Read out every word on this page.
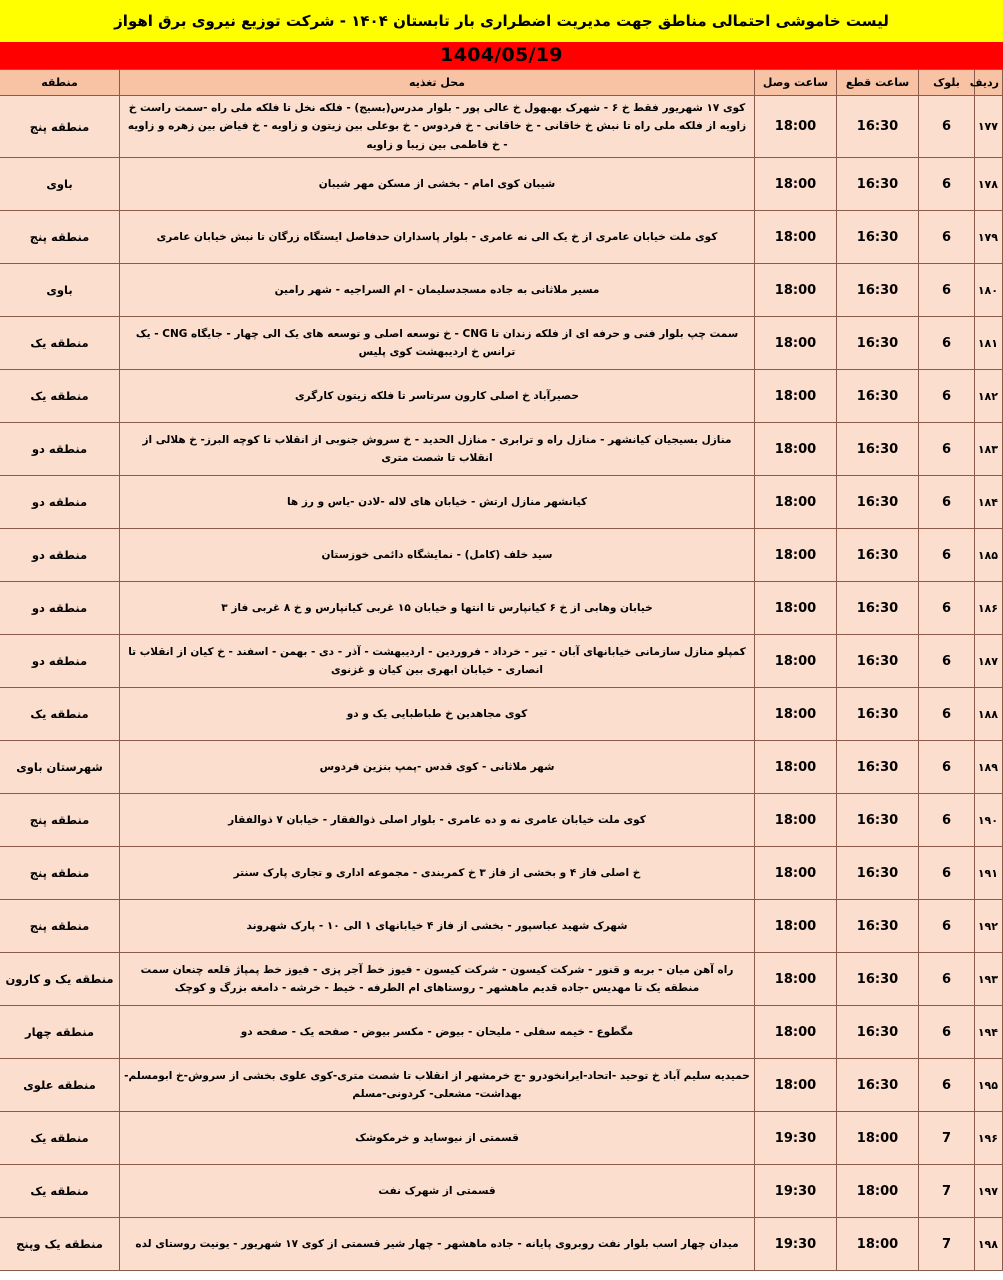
لیست خاموشی احتمالی مناطق جهت مدیریت اضطراری بار تابستان ۱۴۰۴ - شرکت توزیع نیروی برق اهواز
1404/05/19
ردیف	بلوک	ساعت قطع	ساعت وصل	محل تغذیه	منطقه
۱۷۷	6	16:30	18:00	کوی ۱۷ شهریور فقط خ ۶ - شهرک بهبهول خ عالی پور - بلوار مدرس(بسیج) - فلکه نخل تا فلکه ملی راه -سمت راست خ زاویه از فلکه ملی راه تا نبش خ خاقانی - خ خاقانی - خ فردوس - خ بوعلی بین زیتون و زاویه - خ فیاض بین زهره و زاویه - خ فاطمی بین زیبا و زاویه	منطقه پنج
۱۷۸	6	16:30	18:00	شیبان کوی امام - بخشی از مسکن مهر شیبان	باوی
۱۷۹	6	16:30	18:00	کوی ملت خیابان عامری از خ یک الی نه عامری - بلوار پاسداران حدفاصل ایستگاه زرگان تا نبش خیابان عامری	منطقه پنج
۱۸۰	6	16:30	18:00	مسیر ملاثانی به جاده مسجدسلیمان - ام السراجیه - شهر رامین	باوی
۱۸۱	6	16:30	18:00	سمت چپ بلوار فنی و حرفه ای از فلکه زندان تا CNG - خ توسعه اصلی و توسعه های یک الی چهار - جایگاه CNG - یک ترانس خ اردیبهشت کوی پلیس	منطقه یک
۱۸۲	6	16:30	18:00	حصیرآباد خ اصلی کارون سرتاسر تا فلکه زیتون کارگری	منطقه یک
۱۸۳	6	16:30	18:00	منازل بسیجیان کیانشهر - منازل راه و ترابری - منازل الحدید - خ سروش جنوبی از انقلاب تا کوچه البرز- خ هلالی از انقلاب تا شصت متری	منطقه دو
۱۸۴	6	16:30	18:00	کیانشهر منازل ارتش - خیابان های لاله -لادن -یاس و رز ها	منطقه دو
۱۸۵	6	16:30	18:00	سید خلف (کامل) - نمایشگاه دائمی خوزستان	منطقه دو
۱۸۶	6	16:30	18:00	خیابان وهابی از خ ۶ کیانپارس تا انتها و خیابان ۱۵ غربی کیانپارس و خ ۸ غربی فاز ۳	منطقه دو
۱۸۷	6	16:30	18:00	کمپلو منازل سازمانی خیابانهای آبان - تیر - خرداد - فروردین - اردیبهشت - آذر - دی - بهمن - اسفند - خ کیان از انقلاب تا انصاری - خیابان ابهری بین کیان و غزنوی	منطقه دو
۱۸۸	6	16:30	18:00	کوی مجاهدین خ طباطبایی یک و دو	منطقه یک
۱۸۹	6	16:30	18:00	شهر ملاثانی - کوی قدس -پمپ بنزین فردوس	شهرستان باوی
۱۹۰	6	16:30	18:00	کوی ملت خیابان عامری نه و ده عامری - بلوار اصلی ذوالفقار - خیابان ۷ ذوالفقار	منطقه پنج
۱۹۱	6	16:30	18:00	خ اصلی فاز ۴ و بخشی از فاز ۳ خ کمربندی - مجموعه اداری و تجاری پارک سنتر	منطقه پنج
۱۹۲	6	16:30	18:00	شهرک شهید عباسپور - بخشی از فاز ۴ خیابانهای ۱ الی ۱۰ - پارک شهروند	منطقه پنج
۱۹۳	6	16:30	18:00	راه آهن میان - بربه و قنور - شرکت کیسون - شرکت کیسون - فیوز خط آجر پزی - فیوز خط پمپاژ قلعه چنعان سمت منطقه یک تا مهدیس -جاده قدیم ماهشهر - روستاهای ام الطرفه - خیط - خرشه - دامغه بزرگ و کوچک	منطقه یک و کارون
۱۹۴	6	16:30	18:00	مگطوع - خیمه سفلی - ملیحان - بیوض - مکسر بیوض - صفحه یک - صفحه دو	منطقه چهار
۱۹۵	6	16:30	18:00	حمیدیه سلیم آباد خ توحید -اتحاد-ایرانخودرو -ج خرمشهر از انقلاب تا شصت متری-کوی علوی بخشی از سروش-خ ابومسلم- بهداشت- مشعلی- کردونی-مسلم	منطقه علوی
۱۹۶	7	18:00	19:30	قسمتی از نیوساید و خرمکوشک	منطقه یک
۱۹۷	7	18:00	19:30	قسمتی از شهرک نفت	منطقه یک
۱۹۸	7	18:00	19:30	میدان چهار اسب بلوار نفت روبروی پایانه - جاده ماهشهر - چهار شیر قسمتی از کوی ۱۷ شهریور - یونیت روستای لده	منطقه یک وپنج
